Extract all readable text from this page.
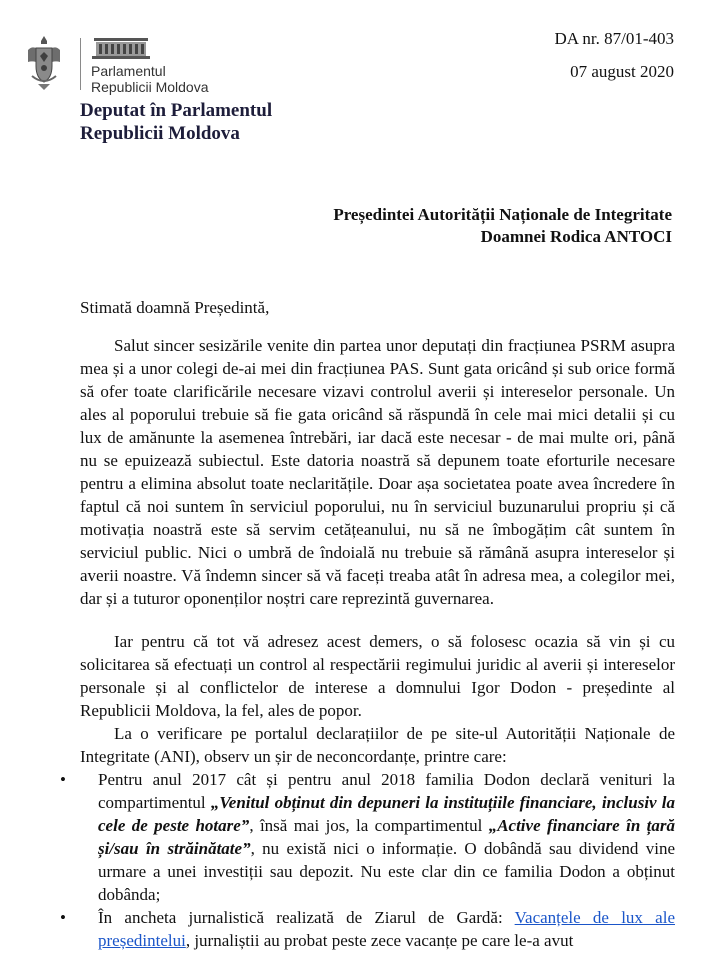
Parlamentul
Republicii Moldova
DA nr. 87/01-403
07 august 2020
Deputat în Parlamentul
Republicii Moldova
Președintei Autorității Naționale de Integritate
Doamnei Rodica ANTOCI
Stimată doamnă Președintă,

Salut sincer sesizările venite din partea unor deputați din fracțiunea PSRM asupra mea și a unor colegi de-ai mei din fracțiunea PAS. Sunt gata oricând și sub orice formă să ofer toate clarificările necesare vizavi controlul averii și intereselor personale. Un ales al poporului trebuie să fie gata oricând să răspundă în cele mai mici detalii și cu lux de amănunte la asemenea întrebări, iar dacă este necesar - de mai multe ori, până nu se epuizează subiectul. Este datoria noastră să depunem toate eforturile necesare pentru a elimina absolut toate neclaritățile. Doar așa societatea poate avea încredere în faptul că noi suntem în serviciul poporului, nu în serviciul buzunarului propriu și că motivația noastră este să servim cetățeanului, nu să ne îmbogățim cât suntem în serviciul public. Nici o umbră de îndoială nu trebuie să rămână asupra intereselor și averii noastre. Vă îndemn sincer să vă faceți treaba atât în adresa mea, a colegilor mei, dar și a tuturor oponenților noștri care reprezintă guvernarea.

Iar pentru că tot vă adresez acest demers, o să folosesc ocazia să vin și cu solicitarea să efectuați un control al respectării regimului juridic al averii și intereselor personale și al conflictelor de interese a domnului Igor Dodon - președinte al Republicii Moldova, la fel, ales de popor.

La o verificare pe portalul declarațiilor de pe site-ul Autorității Naționale de Integritate (ANI), observ un șir de neconcordanțe, printre care:

• Pentru anul 2017 cât și pentru anul 2018 familia Dodon declară venituri la compartimentul „Venitul obținut din depuneri la instituțiile financiare, inclusiv la cele de peste hotare”, însă mai jos, la compartimentul „Active financiare în țară și/sau în străinătate”, nu există nici o informație. O dobândă sau dividend vine urmare a unei investiții sau depozit. Nu este clar din ce familia Dodon a obținut dobânda;
• În ancheta jurnalistică realizată de Ziarul de Gardă: Vacanțele de lux ale președintelui, jurnaliștii au probat peste zece vacanțe pe care le-a avut
